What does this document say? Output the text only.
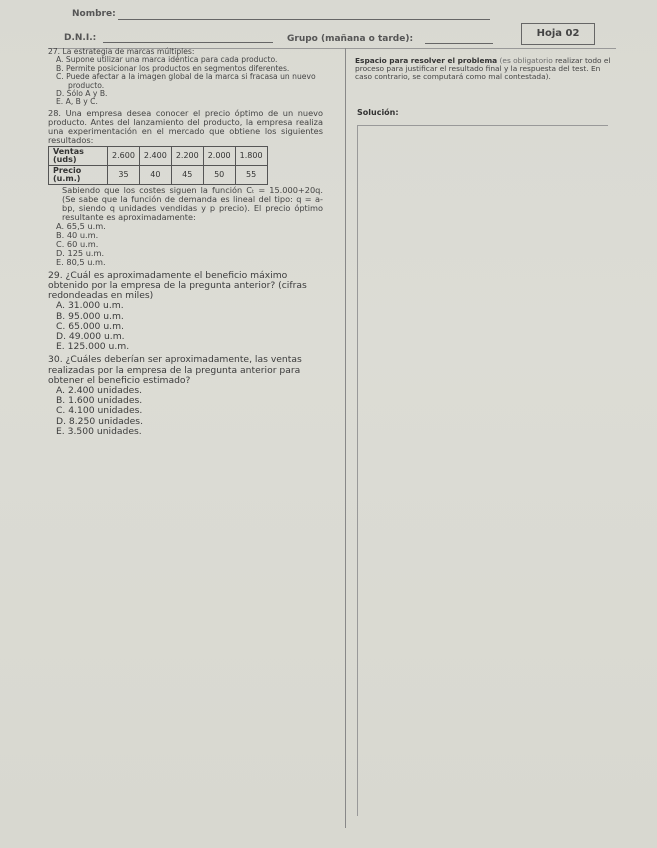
Nombre:
D.N.I.:	Grupo (mañana o tarde):	Hoja 02
Espacio para resolver el problema (es obligatorio realizar todo el proceso para justificar el resultado final y la respuesta del test. En caso contrario, se computará como mal contestada).
Solución:

27. La estrategia de marcas múltiples:

A. Supone utilizar una marca idéntica para cada producto.

B. Permite posicionar los productos en segmentos diferentes.

C. Puede afectar a la imagen global de la marca si fracasa un nuevo producto.

D. Sólo A y B.

E. A, B y C.

28. Una empresa desea conocer el precio óptimo de un nuevo producto. Antes del lanzamiento del producto, la empresa realiza una experimentación en el mercado que obtiene los siguientes resultados:

Ventas (uds)	2.600	2.400	2.200	2.000	1.800
Precio (u.m.)	35	40	45	50	55

Sabiendo que los costes siguen la función Cₜ = 15.000+20q. (Se sabe que la función de demanda es lineal del tipo: q = a-bp, siendo q unidades vendidas y p precio). El precio óptimo resultante es aproximadamente:

A. 65,5 u.m.

B. 40 u.m.

C. 60 u.m.

D. 125 u.m.

E. 80,5 u.m.

29. ¿Cuál es aproximadamente el beneficio máximo obtenido por la empresa de la pregunta anterior? (cifras redondeadas en miles)

A. 31.000 u.m.

B. 95.000 u.m.

C. 65.000 u.m.

D. 49.000 u.m.

E. 125.000 u.m.

30. ¿Cuáles deberían ser aproximadamente, las ventas realizadas por la empresa de la pregunta anterior para obtener el beneficio estimado?

A. 2.400 unidades.

B. 1.600 unidades.

C. 4.100 unidades.

D. 8.250 unidades.

E. 3.500 unidades.
